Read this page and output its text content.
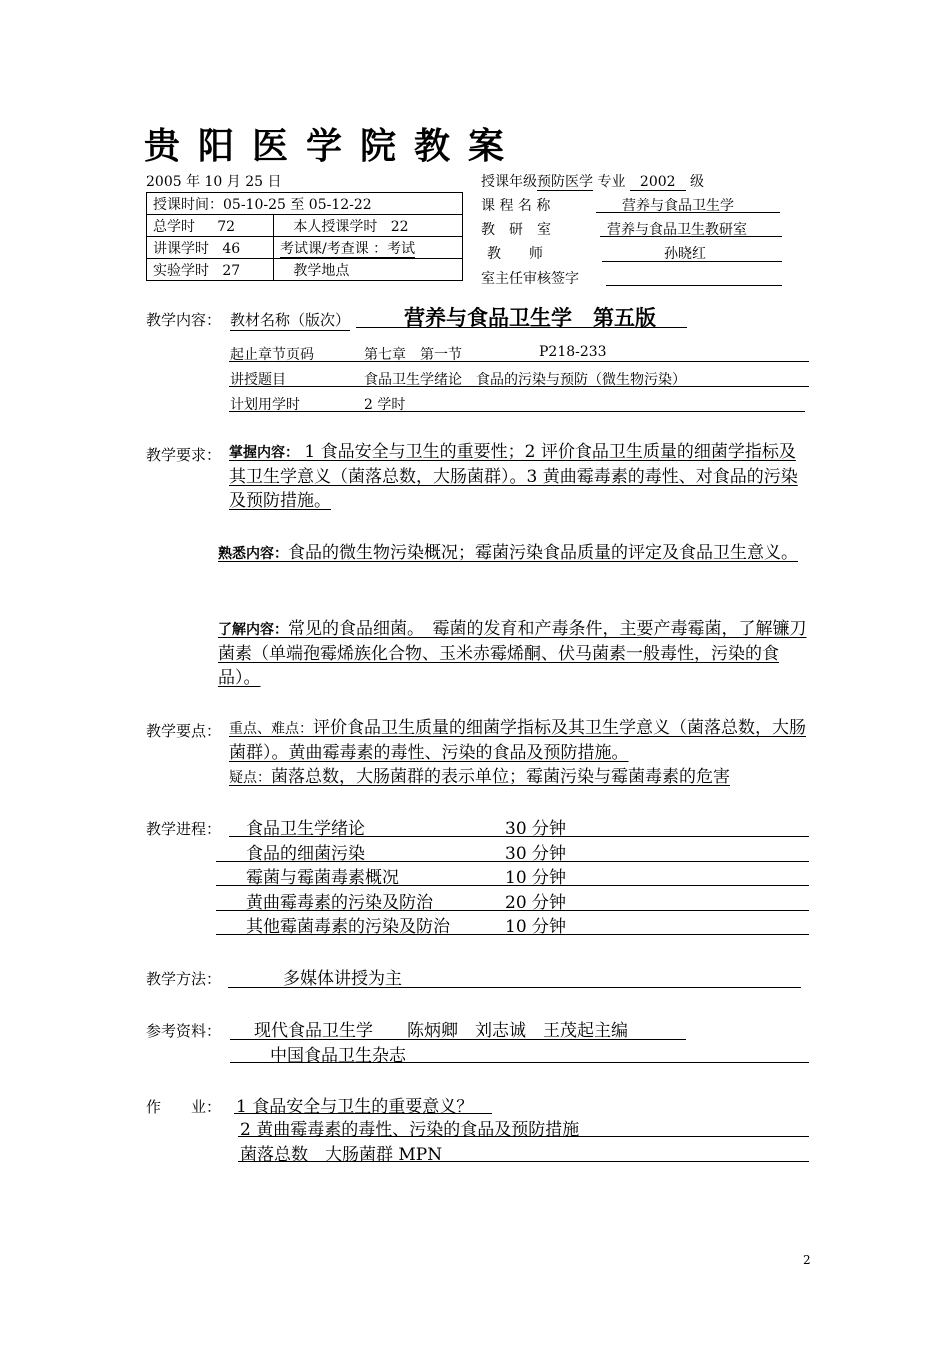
贵阳医学院教案
2005 年 10 月 25 日	授课年级预防医学 专业 2002 级
授课时间：05-10-25 至 05-12-22	
总学时 72	本人授课学时 22
讲课学时 46	考试课/考查课 ：考试
实验学时 27	教学地点
课 程 名 称	营养与食品卫生学
教　研　室	营养与食品卫生教研室
教　　师	孙晓红
室主任审核签字
教学内容： 教材名称（版次）	营养与食品卫生学　第五版
起止章节页码	第七章　第一节	P218-233
讲授题目	食品卫生学绪论　食品的污染与预防（微生物污染）
计划用学时	2 学时
教学要求： 掌握内容： 1 食品安全与卫生的重要性；2 评价食品卫生质量的细菌学指标及其卫生学意义（菌落总数，大肠菌群）。3 黄曲霉毒素的毒性、对食品的污染及预防措施。
熟悉内容：食品的微生物污染概况；霉菌污染食品质量的评定及食品卫生意义。
了解内容：常见的食品细菌。　霉菌的发育和产毒条件，主要产毒霉菌，了解镰刀菌素（单端孢霉烯族化合物、玉米赤霉烯酮、伏马菌素一般毒性，污染的食品）。
教学要点： 重点、难点：评价食品卫生质量的细菌学指标及其卫生学意义（菌落总数，大肠菌群）。黄曲霉毒素的毒性、污染的食品及预防措施。
疑点：菌落总数，大肠菌群的表示单位；霉菌污染与霉菌毒素的危害
教学进程： 食品卫生学绪论	30 分钟
食品的细菌污染	30 分钟
霉菌与霉菌毒素概况	10 分钟
黄曲霉毒素的污染及防治	20 分钟
其他霉菌毒素的污染及防治	10 分钟
教学方法：	多媒体讲授为主
参考资料： 现代食品卫生学　　陈炳卿　刘志诚　王茂起主编
中国食品卫生杂志
作　　业： 1 食品安全与卫生的重要意义？
2 黄曲霉毒素的毒性、污染的食品及预防措施
菌落总数　大肠菌群 MPN
2
